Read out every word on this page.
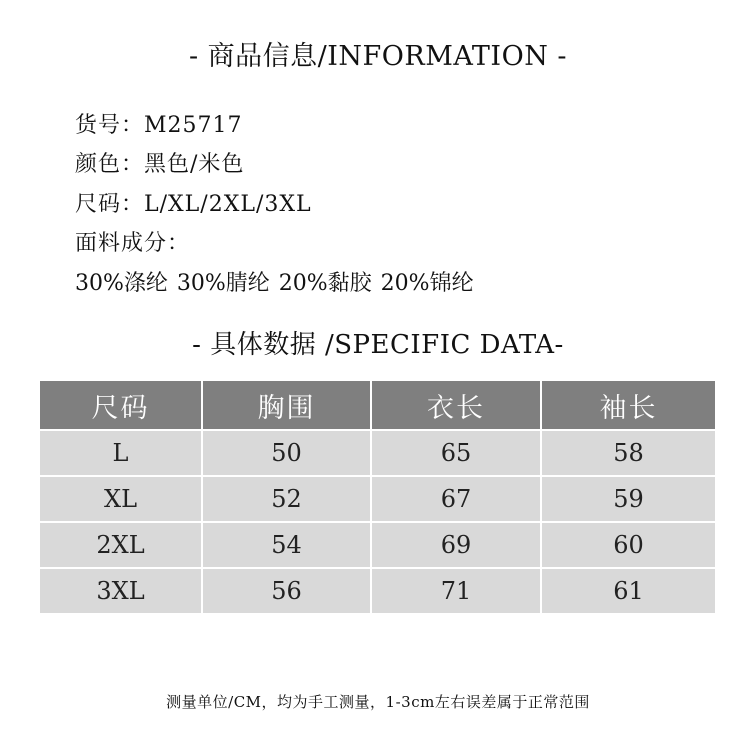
- 商品信息/INFORMATION -
货号：M25717
颜色：黑色/米色
尺码：L/XL/2XL/3XL
面料成分：
30%涤纶 30%腈纶 20%黏胶 20%锦纶
- 具体数据 /SPECIFIC DATA-
尺码	胸围	衣长	袖长
L	50	65	58
XL	52	67	59
2XL	54	69	60
3XL	56	71	61
测量单位/CM，均为手工测量，1-3cm左右误差属于正常范围
